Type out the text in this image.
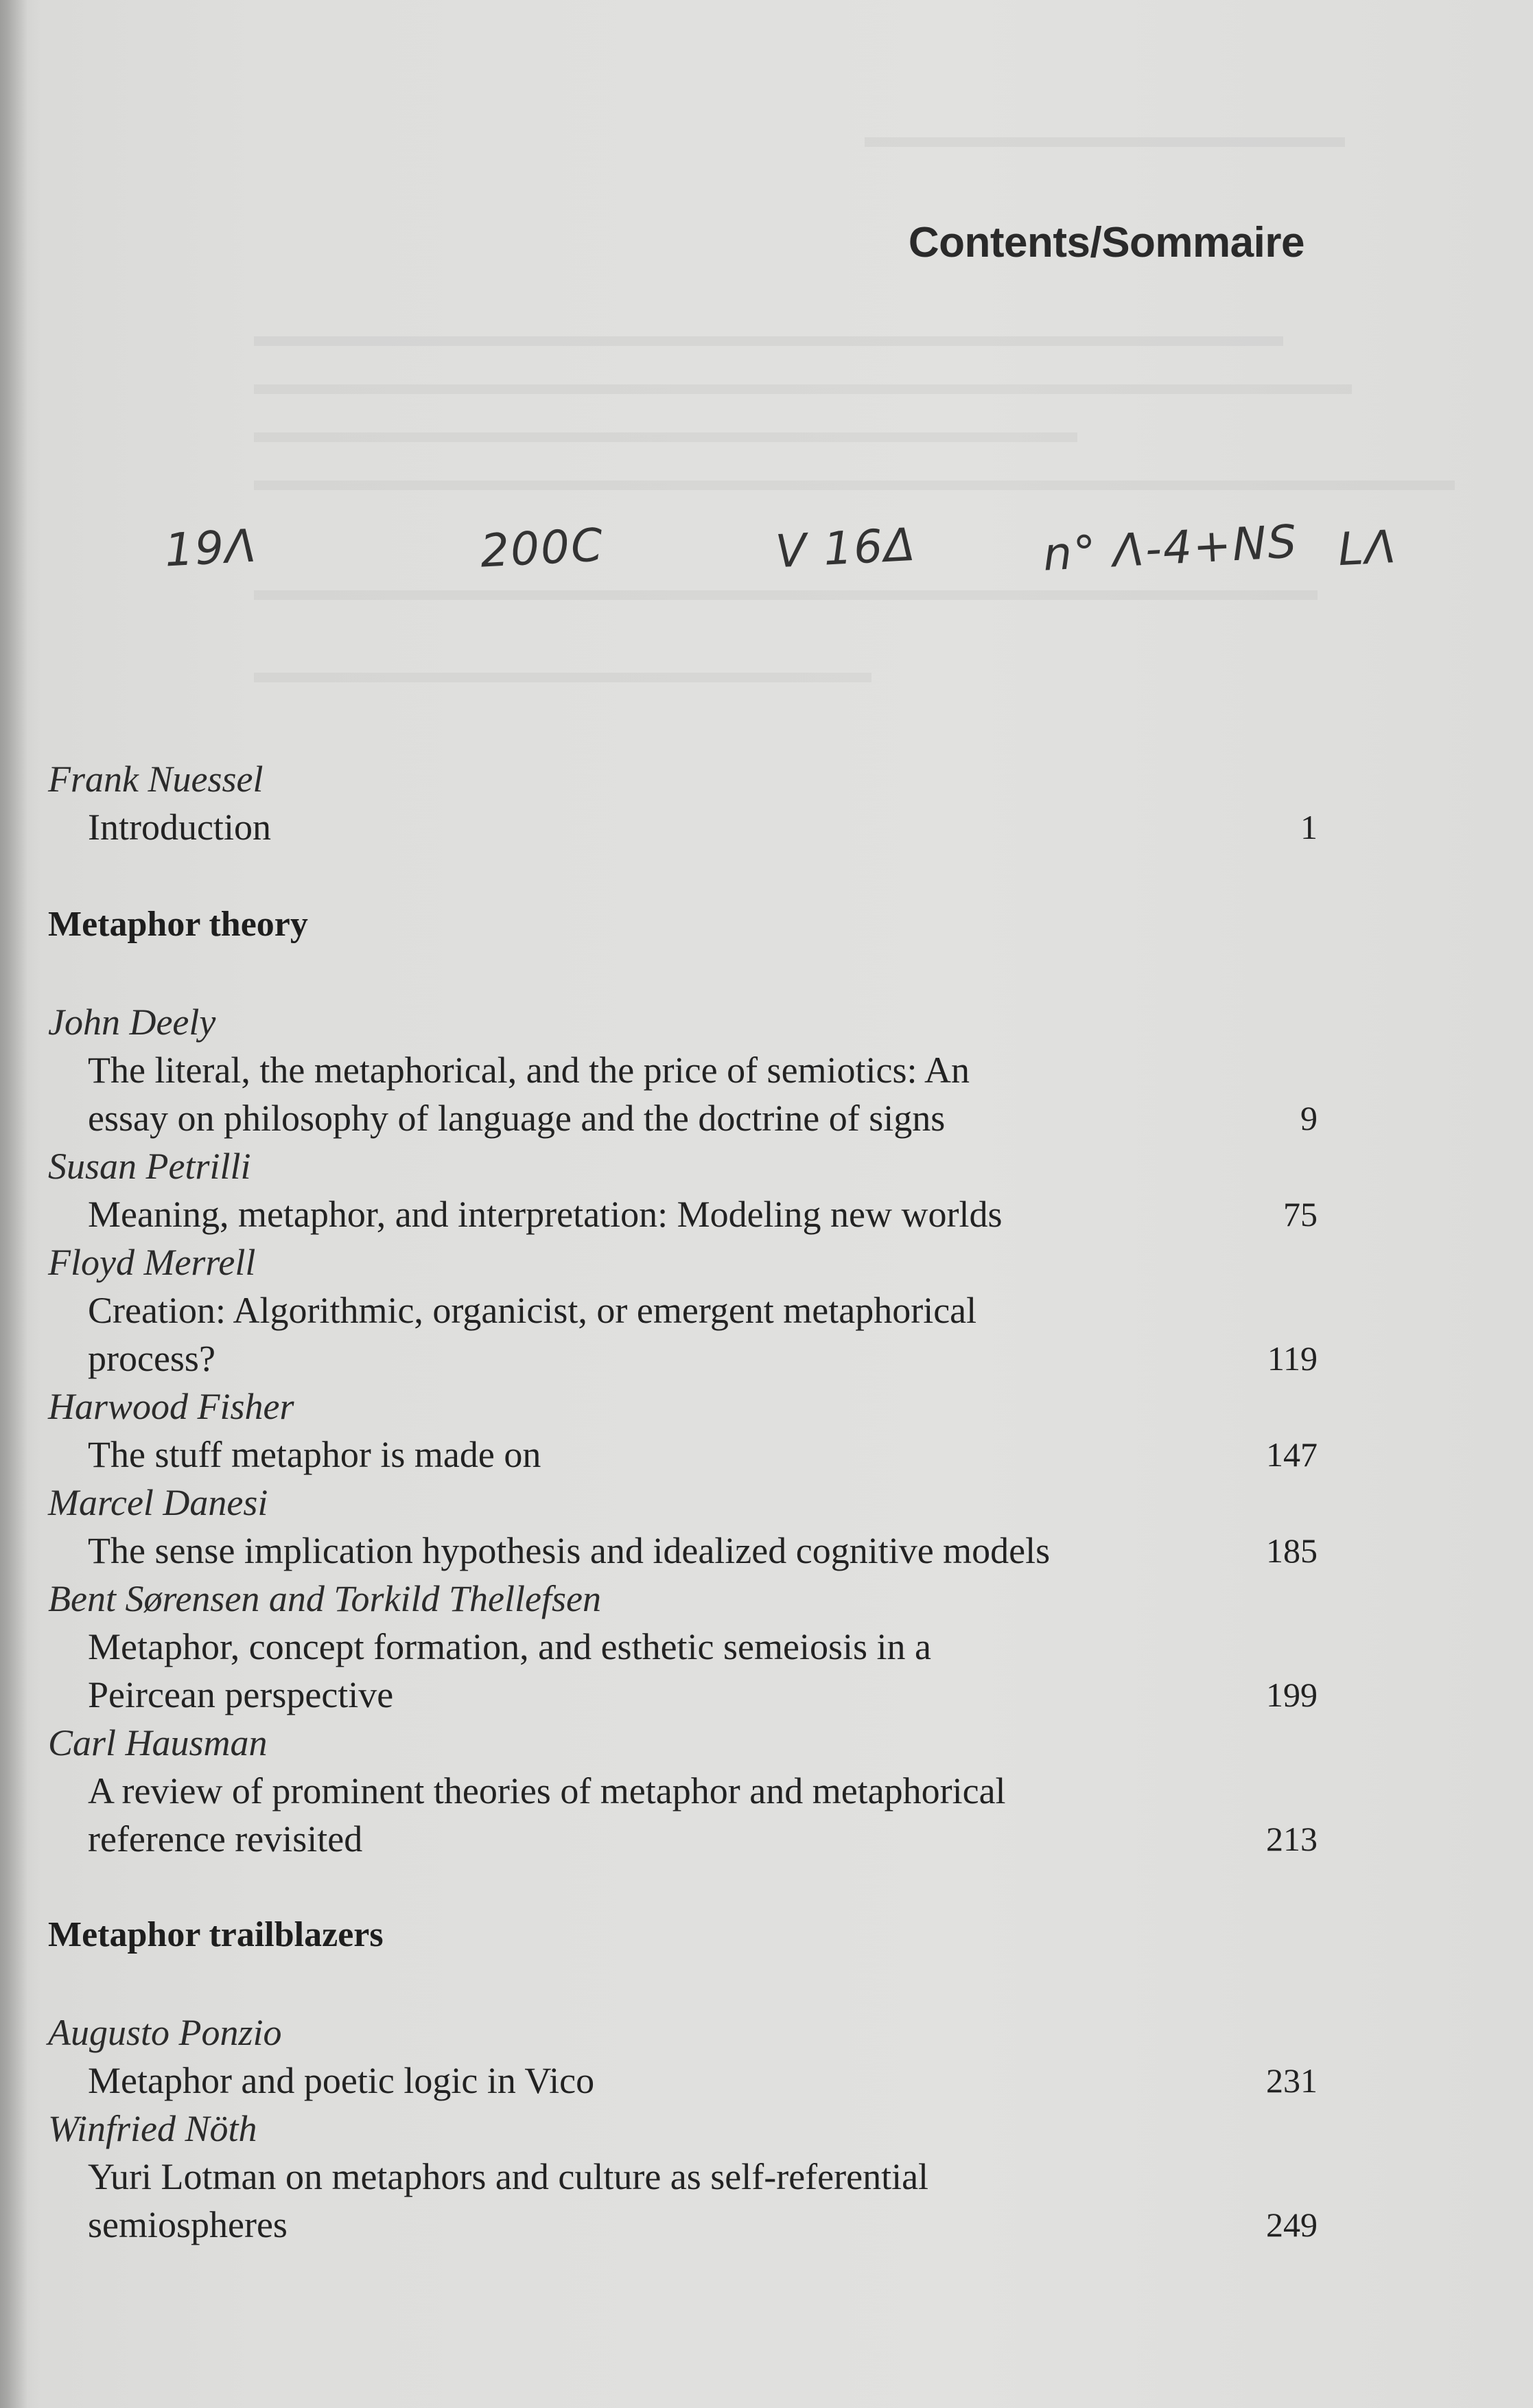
Contents/Sommaire
19Λ	200C	V 16Δ	n° Λ-4+NS LΛ
Frank Nuessel
Introduction	1
Metaphor theory
John Deely
The literal, the metaphorical, and the price of semiotics: An
essay on philosophy of language and the doctrine of signs	9
Susan Petrilli
Meaning, metaphor, and interpretation: Modeling new worlds	75
Floyd Merrell
Creation: Algorithmic, organicist, or emergent metaphorical
process?	119
Harwood Fisher
The stuff metaphor is made on	147
Marcel Danesi
The sense implication hypothesis and idealized cognitive models	185
Bent Sørensen and Torkild Thellefsen
Metaphor, concept formation, and esthetic semeiosis in a
Peircean perspective	199
Carl Hausman
A review of prominent theories of metaphor and metaphorical
reference revisited	213
Metaphor trailblazers
Augusto Ponzio
Metaphor and poetic logic in Vico	231
Winfried Nöth
Yuri Lotman on metaphors and culture as self-referential
semiospheres	249
